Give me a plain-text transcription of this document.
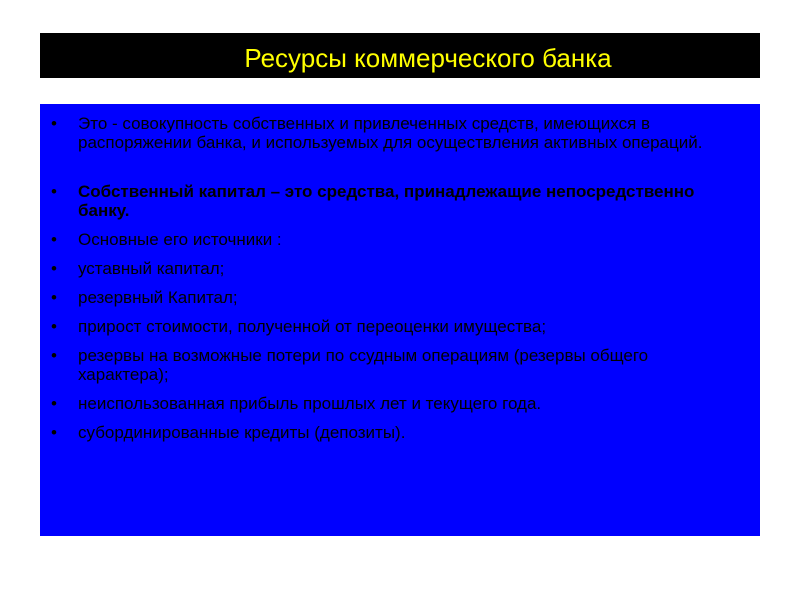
Ресурсы коммерческого банка
• Это - совокупность собственных и привлеченных средств, имеющихся в распоряжении банка, и используемых для осуществления активных операций.
• Собственный капитал – это средства, принадлежащие непосредственно банку.
• Основные его источники :
• уставный капитал;
• резервный Капитал;
• прирост стоимости, полученной от переоценки имущества;
• резервы на возможные потери по ссудным операциям (резервы общего характера);
• неиспользованная прибыль прошлых лет и текущего года.
• субординированные кредиты (депозиты).
